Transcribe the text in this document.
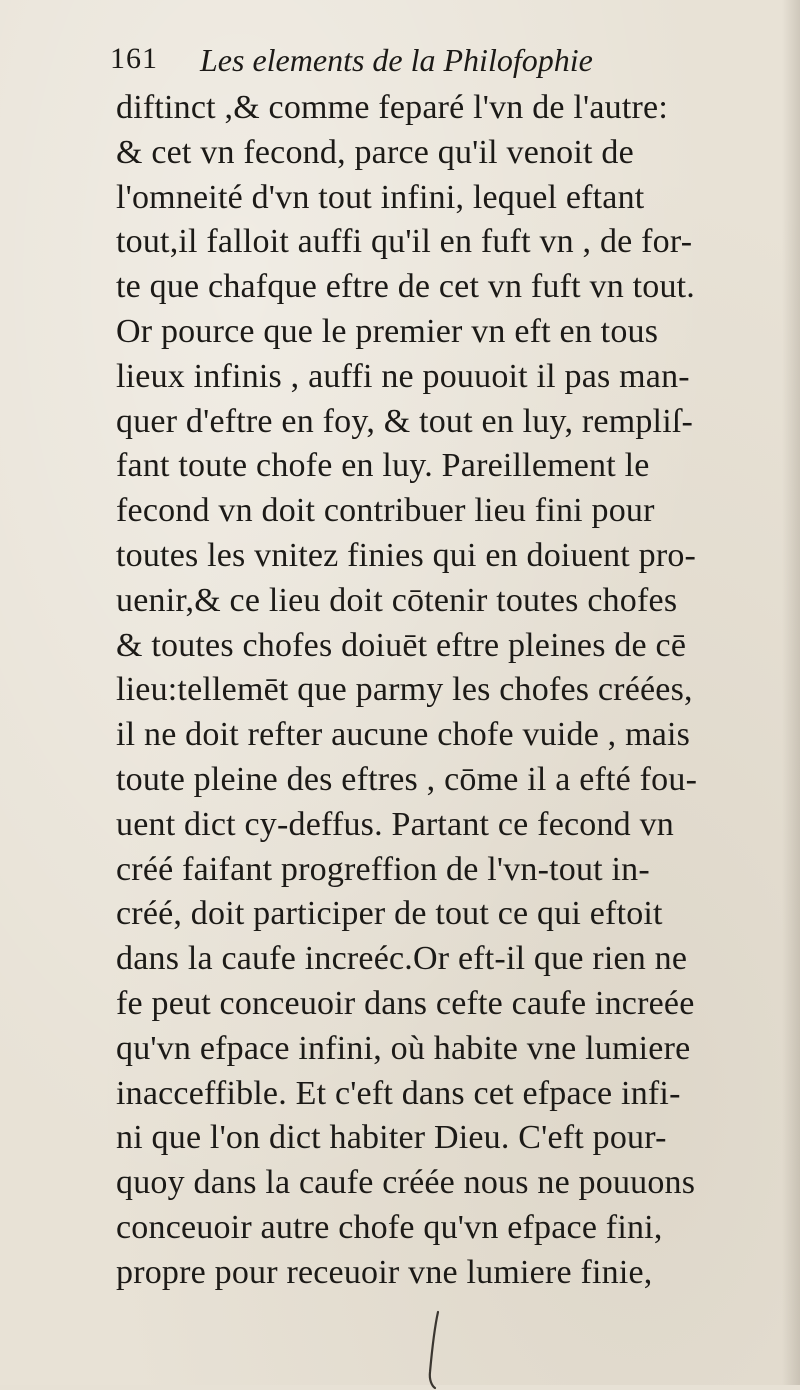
161 Les elements de la Philofophie
diftinct ,& comme feparé l'vn de l'autre:
& cet vn fecond, parce qu'il venoit de
l'omneité d'vn tout infini, lequel eftant
tout,il falloit auffi qu'il en fuft vn , de for-
te que chafque eftre de cet vn fuft vn tout.
Or pource que le premier vn eft en tous
lieux infinis , auffi ne pouuoit il pas man-
quer d'eftre en foy, & tout en luy, rempliſ-
fant toute chofe en luy. Pareillement le
fecond vn doit contribuer lieu fini pour
toutes les vnitez finies qui en doiuent pro-
uenir,& ce lieu doit cōtenir toutes chofes
& toutes chofes doiuēt eftre pleines de cē
lieu:tellemēt que parmy les chofes créées,
il ne doit refter aucune chofe vuide , mais
toute pleine des eftres , cōme il a efté fou-
uent dict cy-deffus. Partant ce fecond vn
créé faifant progreffion de l'vn-tout in-
créé, doit participer de tout ce qui eftoit
dans la caufe increéc.Or eft-il que rien ne
fe peut conceuoir dans cefte caufe increée
qu'vn efpace infini, où habite vne lumiere
inacceffible. Et c'eft dans cet efpace infi-
ni que l'on dict habiter Dieu. C'eft pour-
quoy dans la caufe créée nous ne pouuons
conceuoir autre chofe qu'vn efpace fini,
propre pour receuoir vne lumiere finie,
